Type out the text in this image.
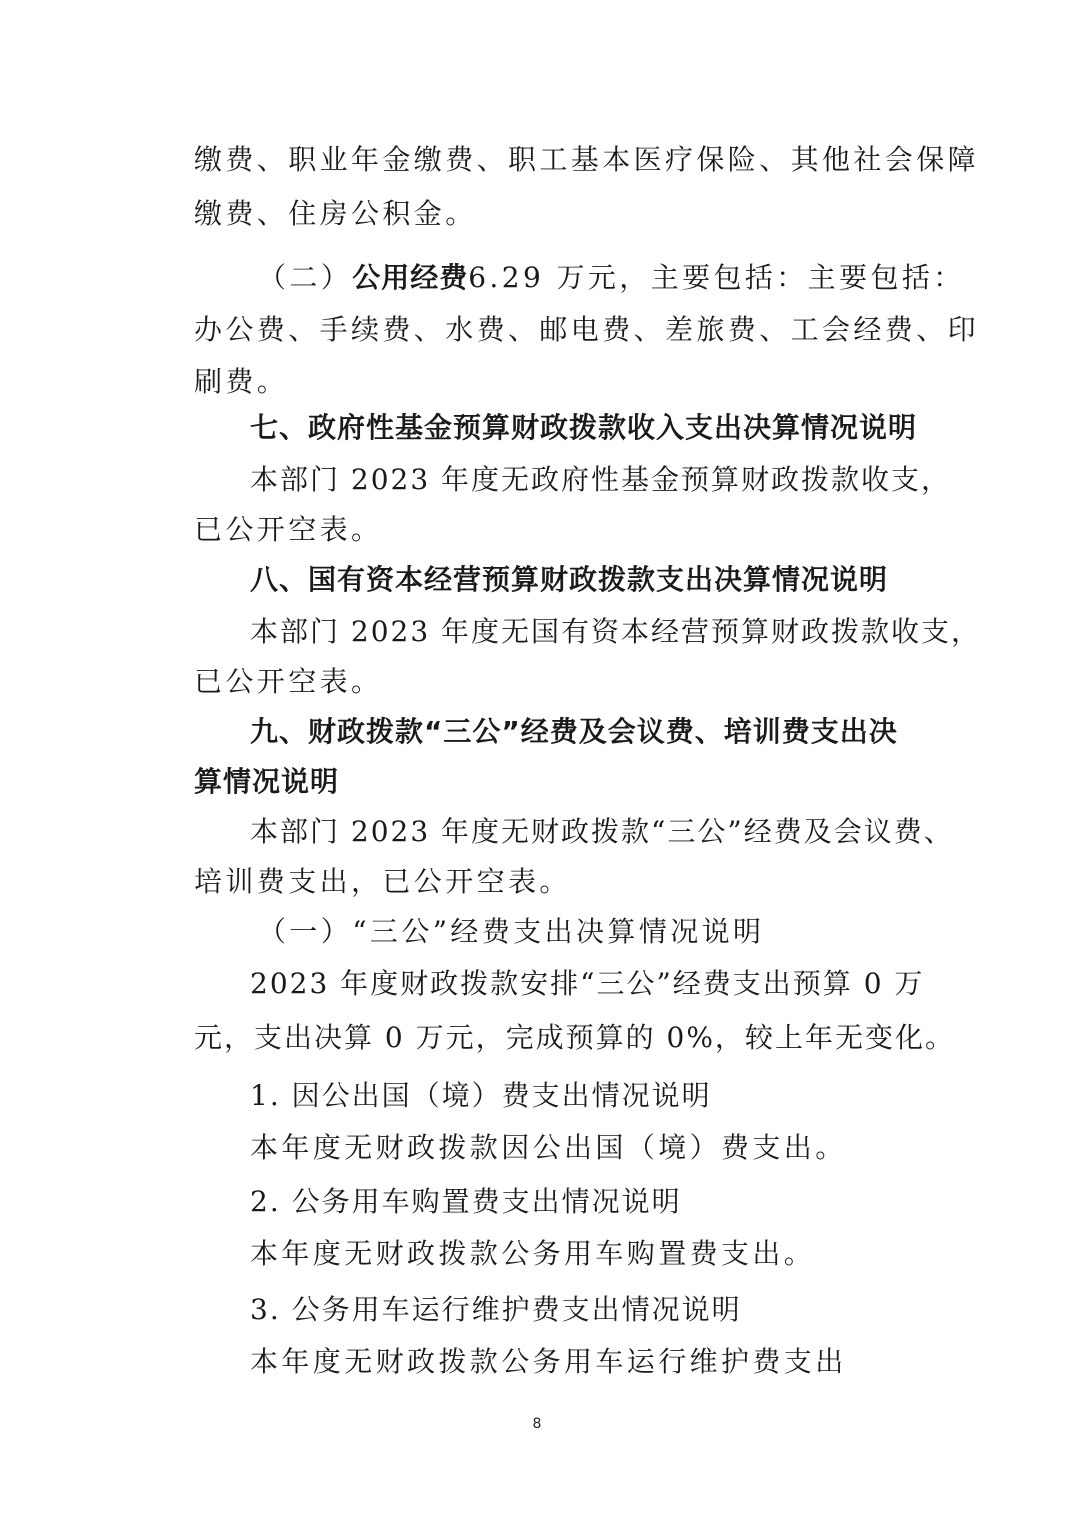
缴费、职业年金缴费、职工基本医疗保险、其他社会保障
缴费、住房公积金。
（二）公用经费6.29 万元，主要包括：主要包括：
办公费、手续费、水费、邮电费、差旅费、工会经费、印
刷费。
七、政府性基金预算财政拨款收入支出决算情况说明
本部门 2023 年度无政府性基金预算财政拨款收支，
已公开空表。
八、国有资本经营预算财政拨款支出决算情况说明
本部门 2023 年度无国有资本经营预算财政拨款收支，
已公开空表。
九、财政拨款“三公”经费及会议费、培训费支出决
算情况说明
本部门 2023 年度无财政拨款“三公”经费及会议费、
培训费支出，已公开空表。
（一）“三公”经费支出决算情况说明
2023 年度财政拨款安排“三公”经费支出预算 0 万
元，支出决算 0 万元，完成预算的 0%，较上年无变化。
1. 因公出国（境）费支出情况说明
本年度无财政拨款因公出国（境）费支出。
2. 公务用车购置费支出情况说明
本年度无财政拨款公务用车购置费支出。
3. 公务用车运行维护费支出情况说明
本年度无财政拨款公务用车运行维护费支出
8
